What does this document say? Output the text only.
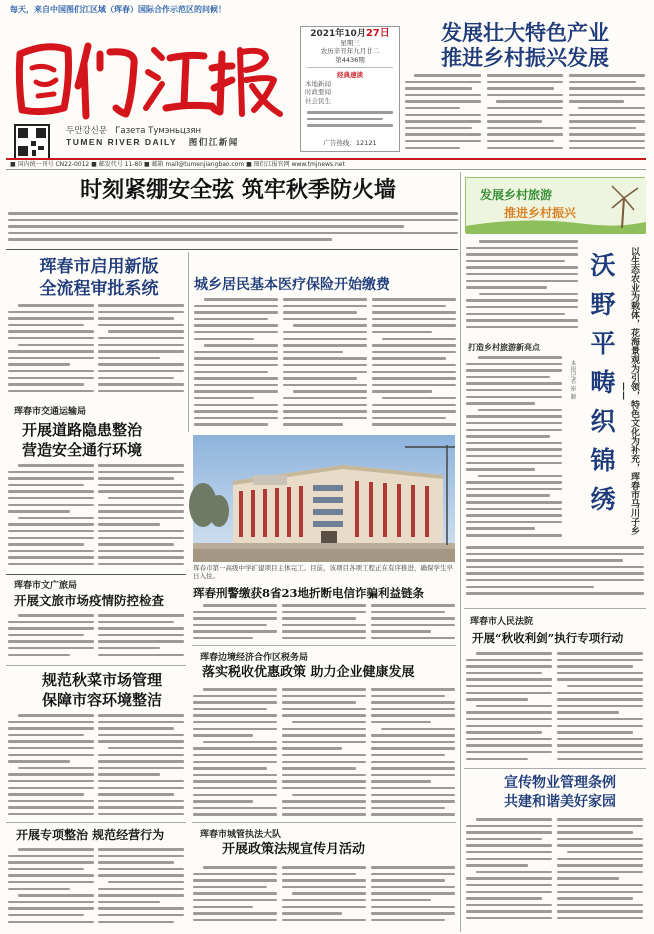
每天，来自中国图们江区域（珲春）国际合作示范区的问候！
두만강신문 Газета Тумэньцзян
TUMEN RIVER DAILY 图们江新闻
2021年10月27日
星期三
农历辛丑年九月廿二
第4436期
经典速读
本地新闻
时政要闻
社会民生
广告热线：12121
发展壮大特色产业
推进乡村振兴发展
■ 国内统一刊号 CN22-0012 ■ 邮发代号 11-80 ■ 邮箱 mail@tumenjiangbao.com ■ 图们江报官网 www.tmjnews.net
时刻紧绷安全弦 筑牢秋季防火墙
珲春市启用新版
全流程审批系统	城乡居民基本医疗保险开始缴费
珲春市交通运输局
开展道路隐患整治
营造安全通行环境
珲春市第一高级中学扩建项目主体完工。目前，该项目各项工程正在有序推进，确保学生早日入住。
珲春市文广旅局
开展文旅市场疫情防控检查	珲春刑警缴获8省23地折断电信诈骗利益链条
珲春边境经济合作区税务局
落实税收优惠政策 助力企业健康发展
规范秋菜市场管理
保障市容环境整洁
开展专项整治 规范经营行为	珲春市城管执法大队
开展政策法规宣传月活动
发展乡村旅游
推进乡村振兴
沃野平畴织锦绣	以生态农业为载体，花海景观为引领，特色文化为补充，珲春市马川子乡——
本报记者 崔 颖
打造乡村旅游新亮点
珲春市人民法院
开展“秋收利剑”执行专项行动
宣传物业管理条例
共建和谐美好家园
